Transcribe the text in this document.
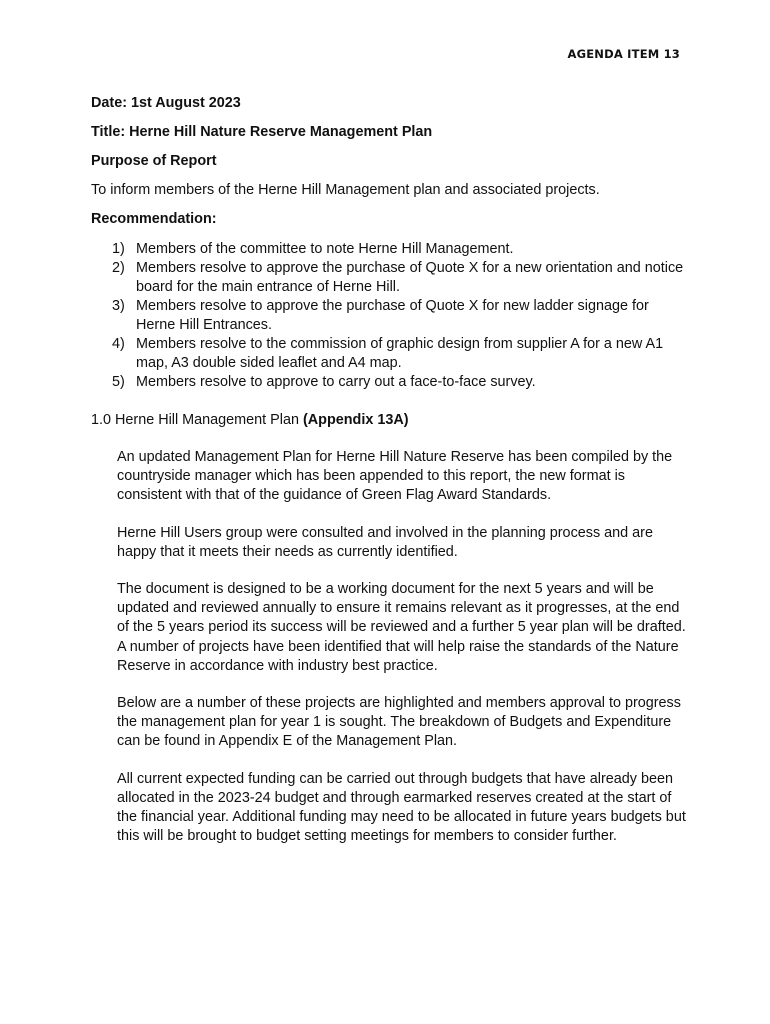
AGENDA ITEM 13
Date: 1st August 2023
Title: Herne Hill Nature Reserve Management Plan
Purpose of Report
To inform members of the Herne Hill Management plan and associated projects.
Recommendation:
1) Members of the committee to note Herne Hill Management.
2) Members resolve to approve the purchase of Quote X for a new orientation and notice board for the main entrance of Herne Hill.
3) Members resolve to approve the purchase of Quote X for new ladder signage for Herne Hill Entrances.
4) Members resolve to the commission of graphic design from supplier A for a new A1 map, A3 double sided leaflet and A4 map.
5) Members resolve to approve to carry out a face-to-face survey.
1.0 Herne Hill Management Plan (Appendix 13A)

An updated Management Plan for Herne Hill Nature Reserve has been compiled by the countryside manager which has been appended to this report, the new format is consistent with that of the guidance of Green Flag Award Standards.

Herne Hill Users group were consulted and involved in the planning process and are happy that it meets their needs as currently identified.

The document is designed to be a working document for the next 5 years and will be updated and reviewed annually to ensure it remains relevant as it progresses, at the end of the 5 years period its success will be reviewed and a further 5 year plan will be drafted. A number of projects have been identified that will help raise the standards of the Nature Reserve in accordance with industry best practice.

Below are a number of these projects are highlighted and members approval to progress the management plan for year 1 is sought. The breakdown of Budgets and Expenditure can be found in Appendix E of the Management Plan.

All current expected funding can be carried out through budgets that have already been allocated in the 2023-24 budget and through earmarked reserves created at the start of the financial year. Additional funding may need to be allocated in future years budgets but this will be brought to budget setting meetings for members to consider further.
